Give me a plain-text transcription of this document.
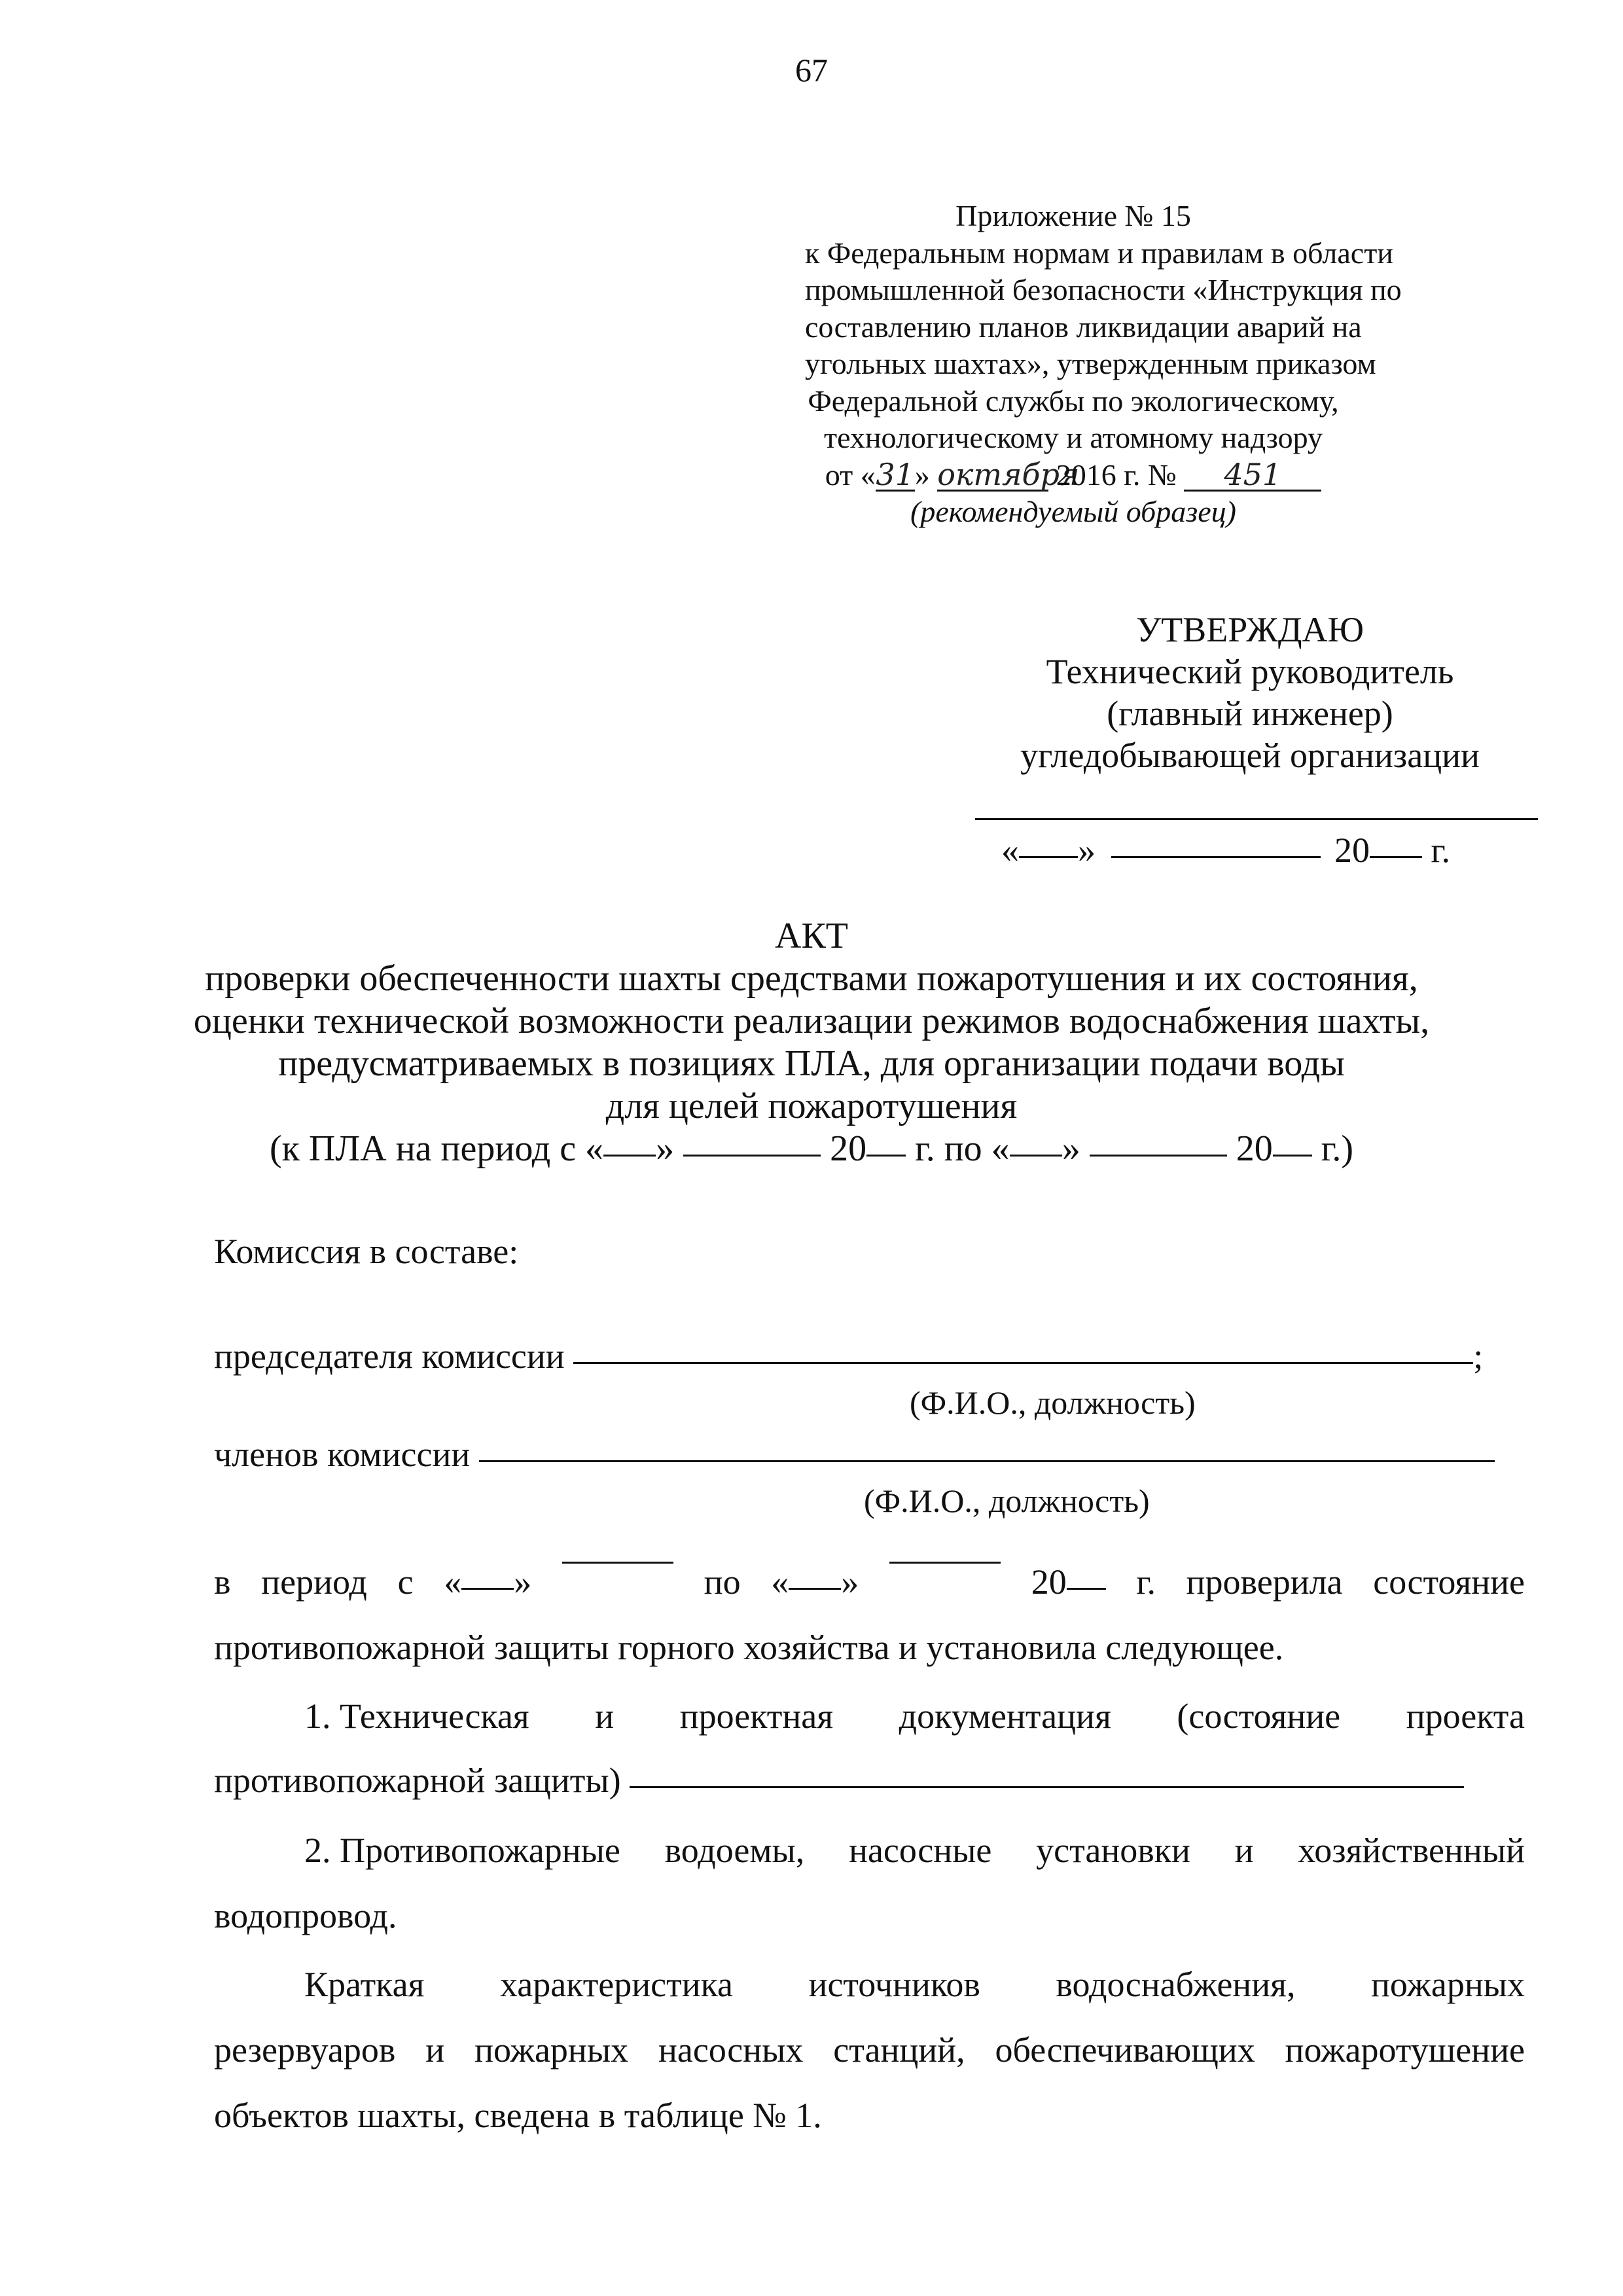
67
Приложение № 15
к Федеральным нормам и правилам в области
промышленной безопасности «Инструкция по
составлению планов ликвидации аварий на
угольных шахтах», утвержденным приказом
Федеральной службы по экологическому,
технологическому и атомному надзору
от «31» октября 2016 г. № 451
(рекомендуемый образец)
УТВЕРЖДАЮ
Технический руководитель
(главный инженер)
угледобывающей организации
« »	20 г.
АКТ
проверки обеспеченности шахты средствами пожаротушения и их состояния,
оценки технической возможности реализации режимов водоснабжения шахты,
предусматриваемых в позициях ПЛА, для организации подачи воды
для целей пожаротушения
(к ПЛА на период с « »	20 г. по « »	20 г.)
Комиссия в составе:
председателя комиссии	;
(Ф.И.О., должность)
членов комиссии
(Ф.И.О., должность)
в период с « »	по « »	20	г. проверила состояние
противопожарной защиты горного хозяйства и установила следующее.
1. Техническая и проектная документация (состояние проекта
противопожарной защиты)
2. Противопожарные водоемы, насосные установки и хозяйственный
водопровод.
Краткая характеристика источников водоснабжения, пожарных
резервуаров и пожарных насосных станций, обеспечивающих пожаротушение
объектов шахты, сведена в таблице № 1.
